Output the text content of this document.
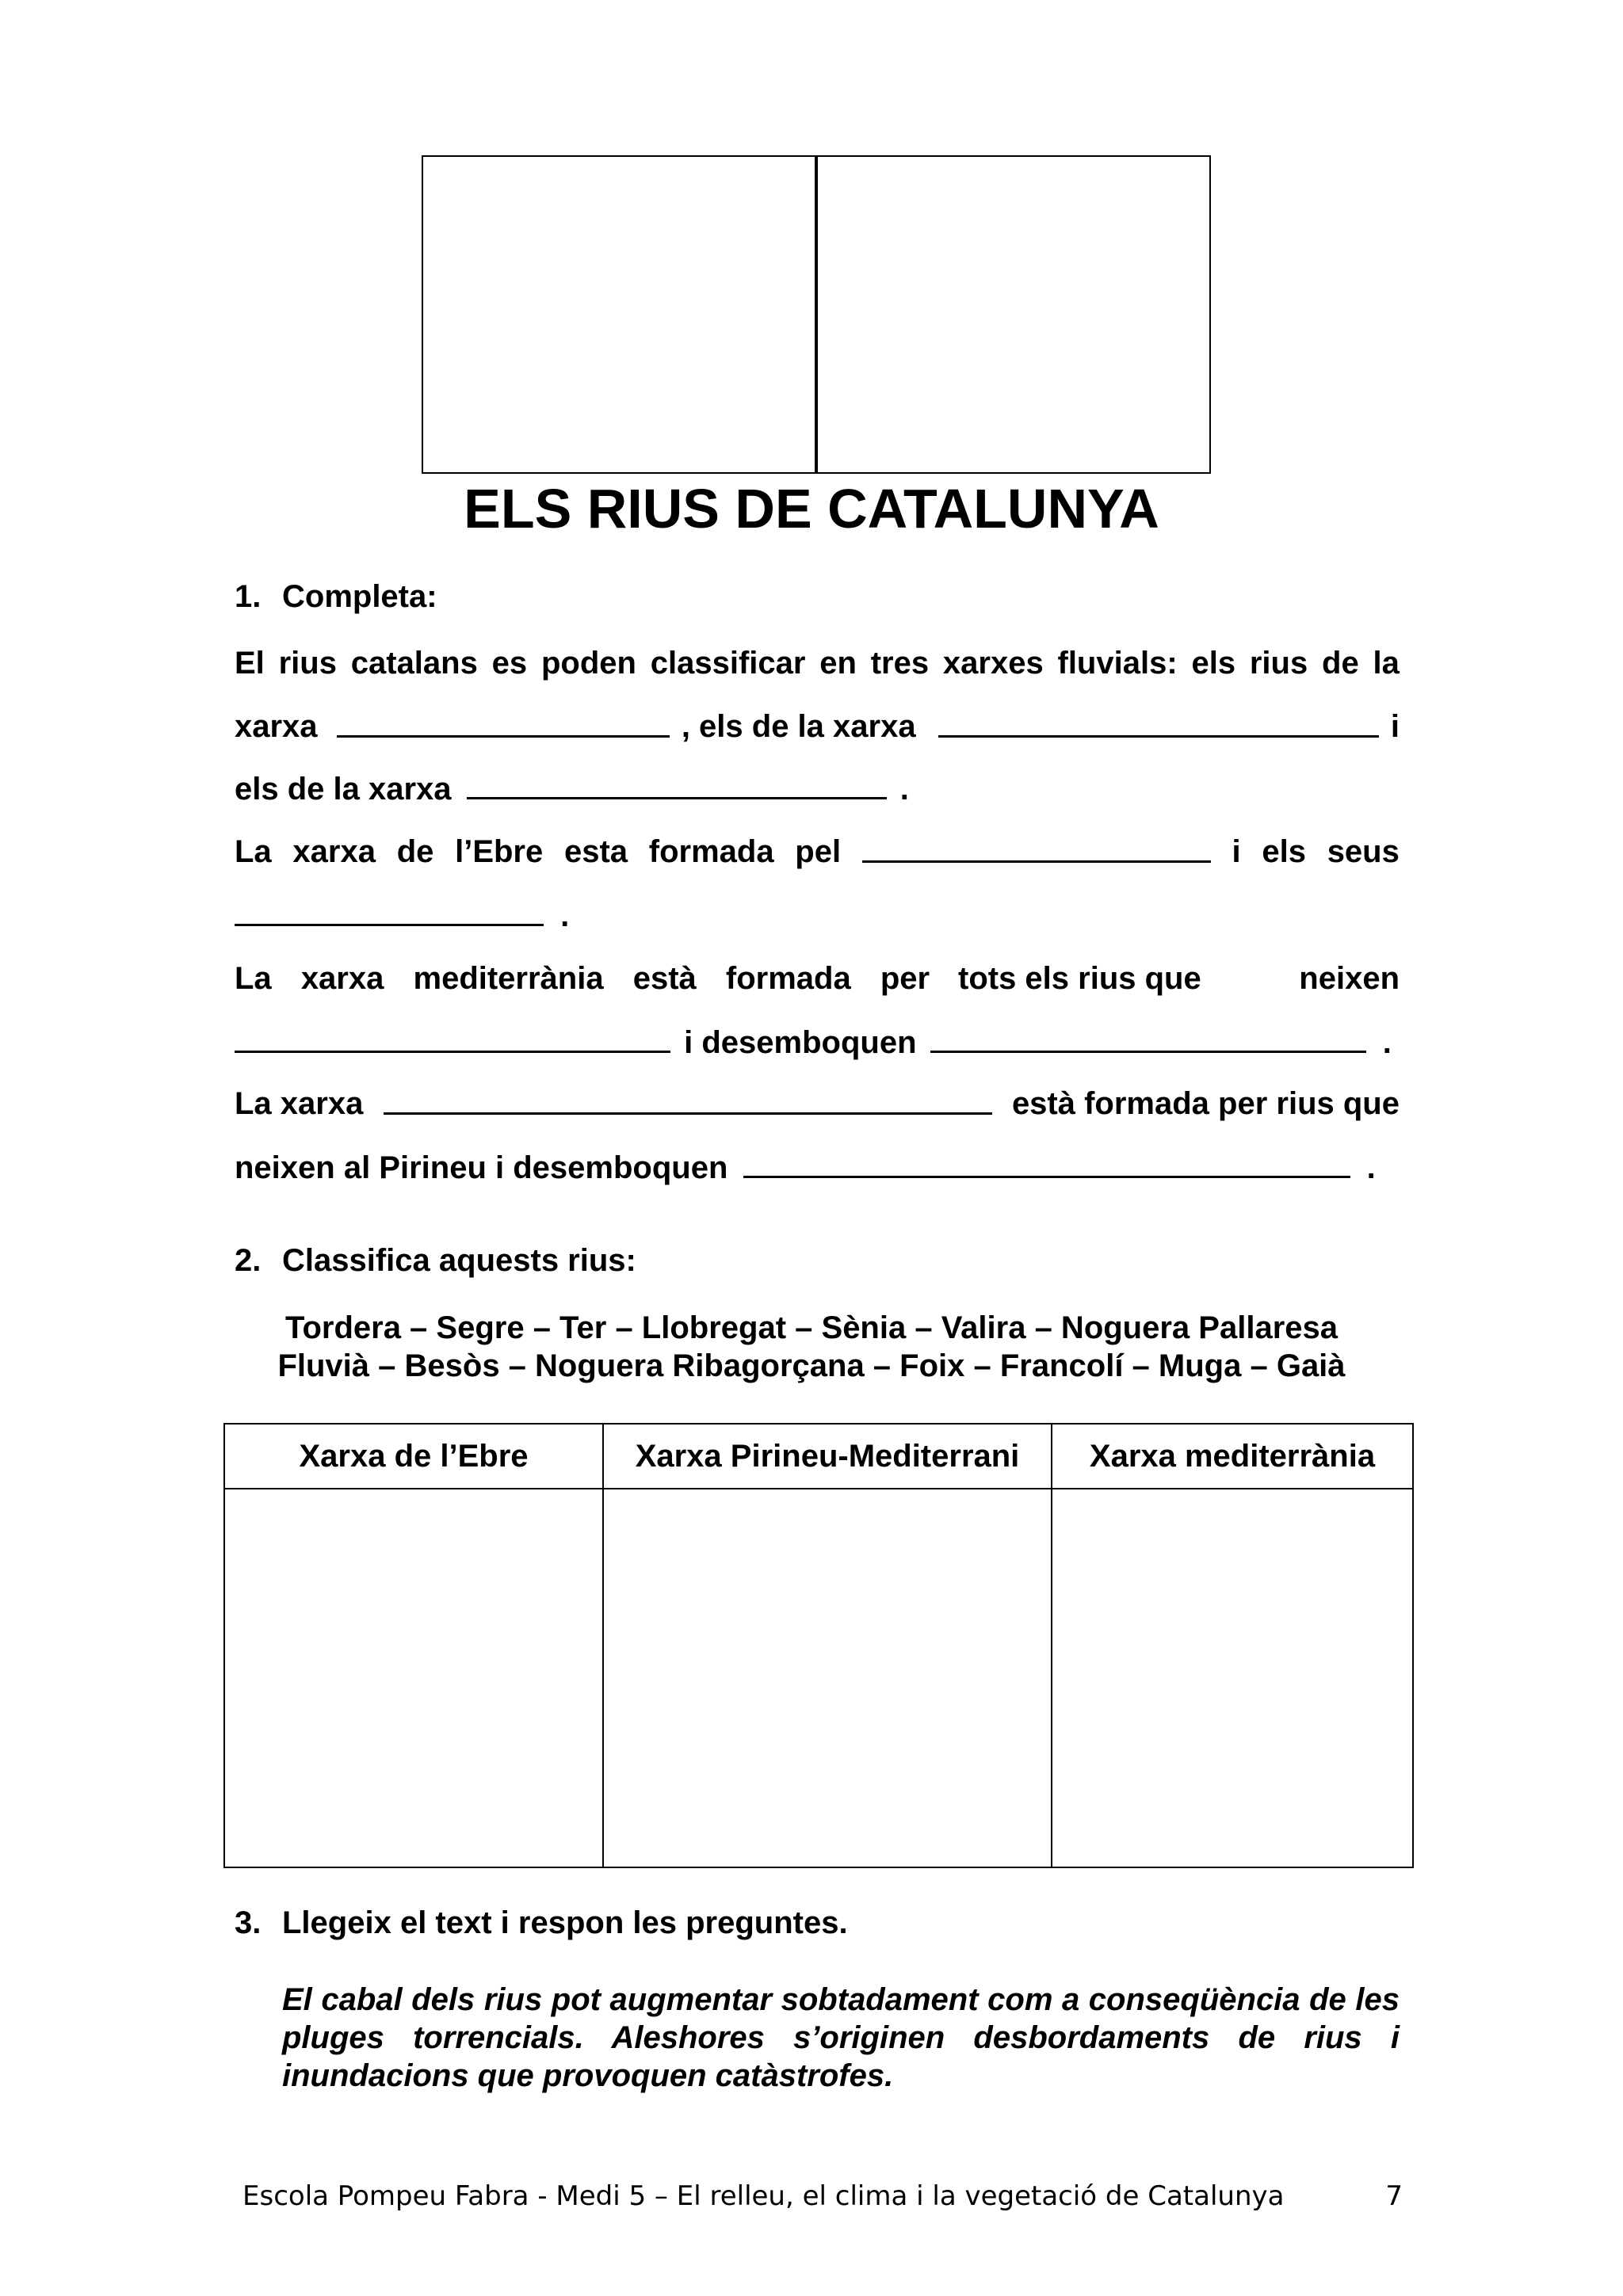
ELS RIUS DE CATALUNYA
1. Completa:
El rius catalans es poden classificar en tres xarxes fluvials: els rius de la
xarxa	, els de la xarxa	i
els de la xarxa	.
La xarxa de l’Ebre esta formada pel	i els seus
.
La xarxa mediterrània està formada per tots els rius que	neixen
i desemboquen	.
La xarxa	està formada per rius que
neixen al Pirineu i desemboquen	.
2. Classifica aquests rius:
Tordera – Segre – Ter – Llobregat – Sènia – Valira – Noguera Pallaresa
Fluvià – Besòs – Noguera Ribagorçana – Foix – Francolí – Muga – Gaià
Xarxa de l’Ebre	Xarxa Pirineu-Mediterrani	Xarxa mediterrània

3. Llegeix el text i respon les preguntes.
El cabal dels rius pot augmentar sobtadament com a conseqüència de les pluges torrencials. Aleshores s’originen desbordaments de rius i inundacions que provoquen catàstrofes.
Escola Pompeu Fabra - Medi 5 – El relleu, el clima i la vegetació de Catalunya	7
